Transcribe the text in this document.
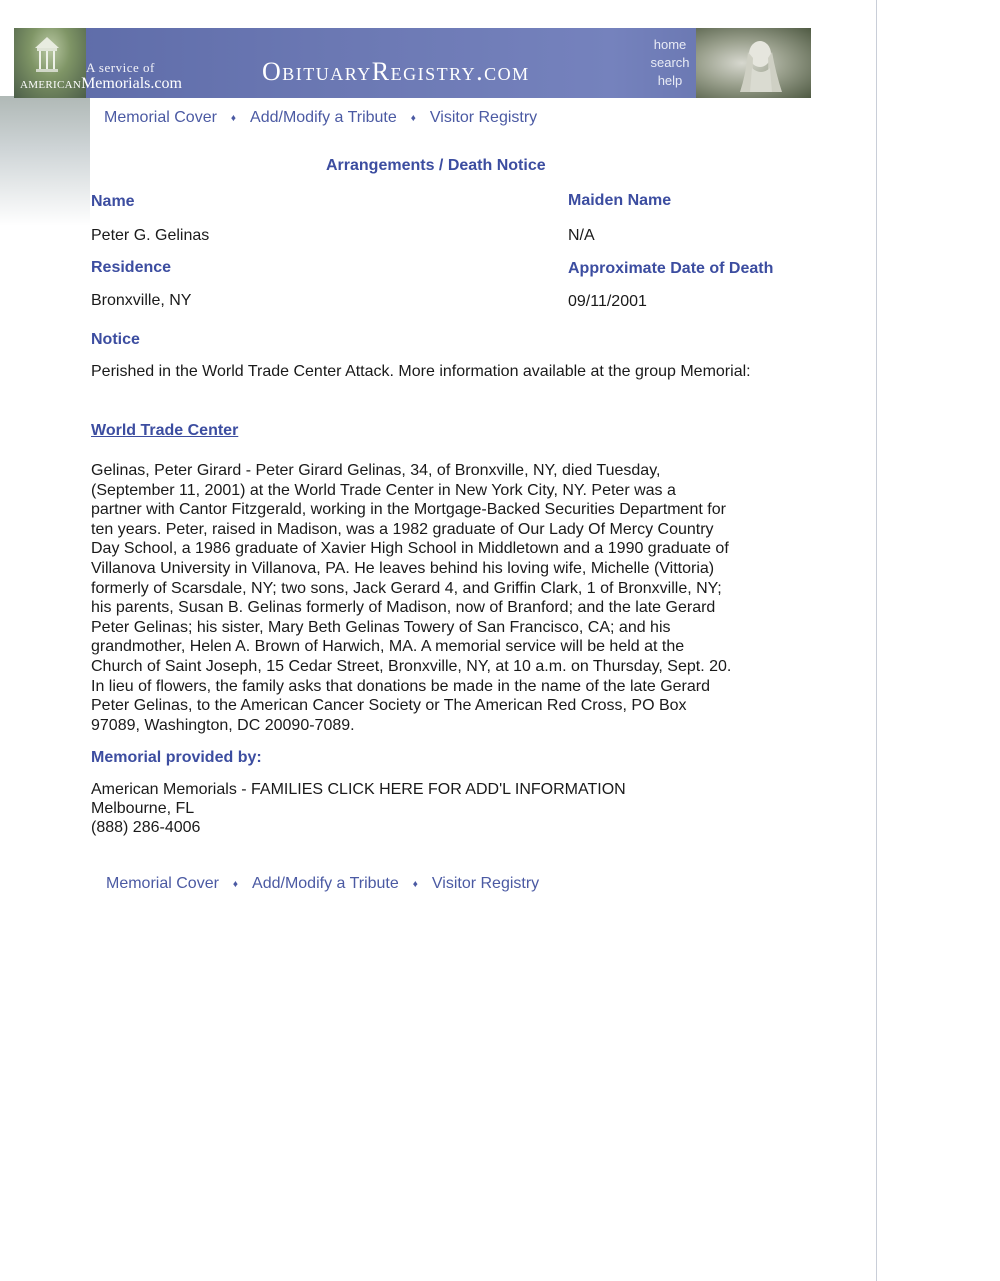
A service of
AMERICANMemorials.com	ObituaryRegistry.com
home
search
help
Memorial Cover ♦ Add/Modify a Tribute ♦ Visitor Registry
Arrangements / Death Notice
Name
Peter G. Gelinas
Maiden Name
N/A
Residence
Bronxville, NY
Approximate Date of Death
09/11/2001
Notice
Perished in the World Trade Center Attack. More information available at the group Memorial:
World Trade Center
Gelinas, Peter Girard - Peter Girard Gelinas, 34, of Bronxville, NY, died Tuesday,
(September 11, 2001) at the World Trade Center in New York City, NY. Peter was a
partner with Cantor Fitzgerald, working in the Mortgage-Backed Securities Department for
ten years. Peter, raised in Madison, was a 1982 graduate of Our Lady Of Mercy Country
Day School, a 1986 graduate of Xavier High School in Middletown and a 1990 graduate of
Villanova University in Villanova, PA. He leaves behind his loving wife, Michelle (Vittoria)
formerly of Scarsdale, NY; two sons, Jack Gerard 4, and Griffin Clark, 1 of Bronxville, NY;
his parents, Susan B. Gelinas formerly of Madison, now of Branford; and the late Gerard
Peter Gelinas; his sister, Mary Beth Gelinas Towery of San Francisco, CA; and his
grandmother, Helen A. Brown of Harwich, MA. A memorial service will be held at the
Church of Saint Joseph, 15 Cedar Street, Bronxville, NY, at 10 a.m. on Thursday, Sept. 20.
In lieu of flowers, the family asks that donations be made in the name of the late Gerard
Peter Gelinas, to the American Cancer Society or The American Red Cross, PO Box
97089, Washington, DC 20090-7089.
Memorial provided by:
American Memorials - FAMILIES CLICK HERE FOR ADD'L INFORMATION
Melbourne, FL
(888) 286-4006
Memorial Cover ♦ Add/Modify a Tribute ♦ Visitor Registry
